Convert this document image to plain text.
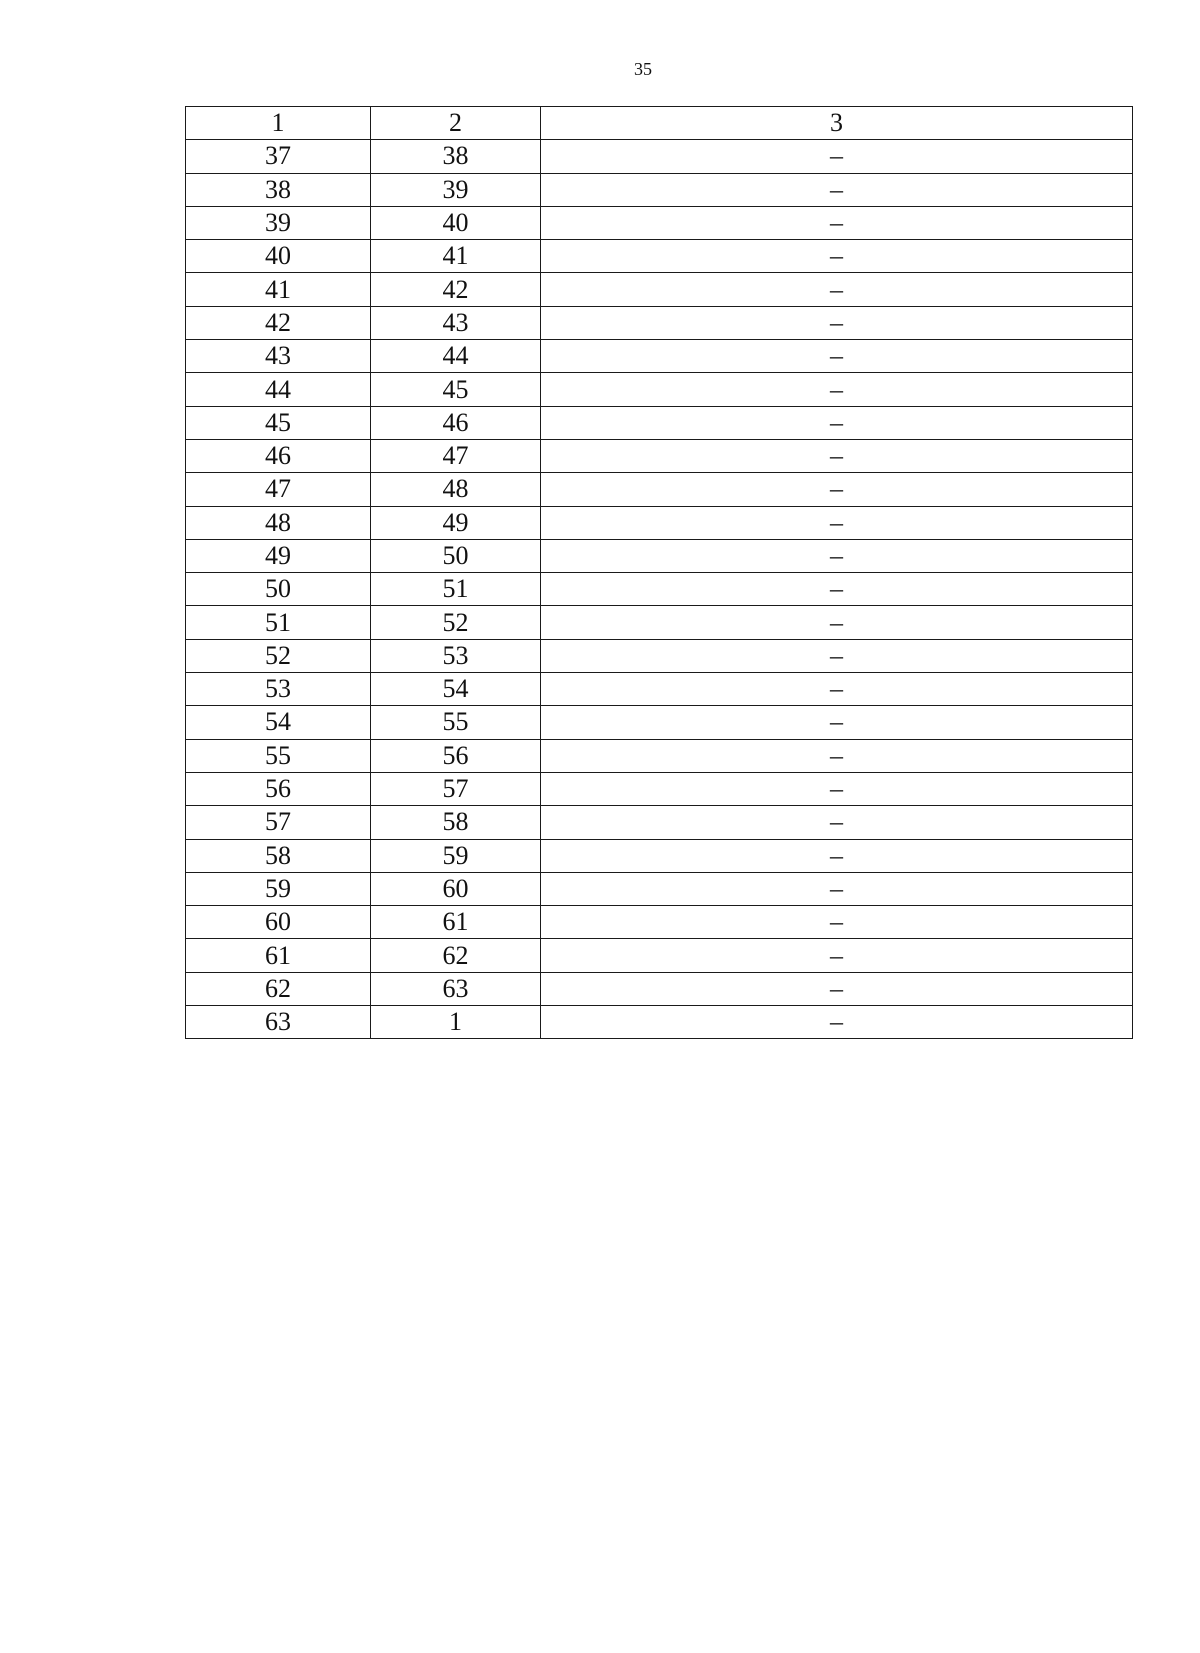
35
1	2	3
37	38	–
38	39	–
39	40	–
40	41	–
41	42	–
42	43	–
43	44	–
44	45	–
45	46	–
46	47	–
47	48	–
48	49	–
49	50	–
50	51	–
51	52	–
52	53	–
53	54	–
54	55	–
55	56	–
56	57	–
57	58	–
58	59	–
59	60	–
60	61	–
61	62	–
62	63	–
63	1	–
